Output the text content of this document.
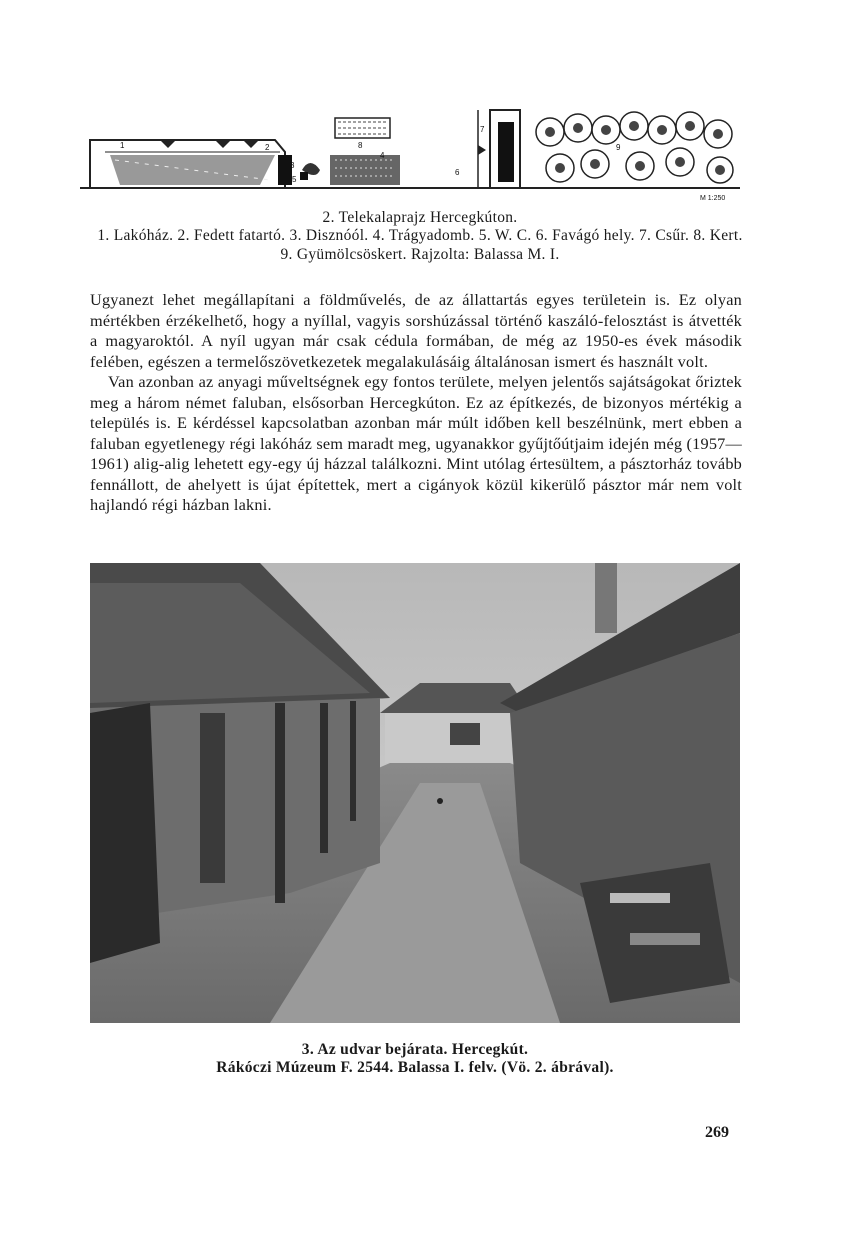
1	2
3
4
5
6
7
8	9
M 1:250
2. Telekalaprajz Hercegkúton.
1. Lakóház. 2. Fedett fatartó. 3. Disznóól. 4. Trágyadomb. 5. W. C. 6. Favágó hely. 7. Csűr. 8. Kert. 9. Gyümölcsöskert. Rajzolta: Balassa M. I.

Ugyanezt lehet megállapítani a földművelés, de az állattartás egyes területein is. Ez olyan mértékben érzékelhető, hogy a nyíllal, vagyis sorshúzással történő kaszáló-felosztást is átvették a magyaroktól. A nyíl ugyan már csak cédula formában, de még az 1950-es évek második felében, egészen a termelőszövetkezetek megalakulásáig általánosan ismert és használt volt.

Van azonban az anyagi műveltségnek egy fontos területe, melyen jelentős sajátságokat őriztek meg a három német faluban, elsősorban Hercegkúton. Ez az építkezés, de bizonyos mértékig a település is. E kérdéssel kapcsolatban azonban már múlt időben kell beszélnünk, mert ebben a faluban egyetlenegy régi lakóház sem maradt meg, ugyanakkor gyűjtőútjaim idején még (1957—1961) alig-alig lehetett egy-egy új házzal találkozni. Mint utólag értesültem, a pásztorház tovább fennállott, de ahelyett is újat építettek, mert a cigányok közül kikerülő pásztor már nem volt hajlandó régi házban lakni.

3. Az udvar bejárata. Hercegkút.
Rákóczi Múzeum F. 2544. Balassa I. felv. (Vö. 2. ábrával).
269
